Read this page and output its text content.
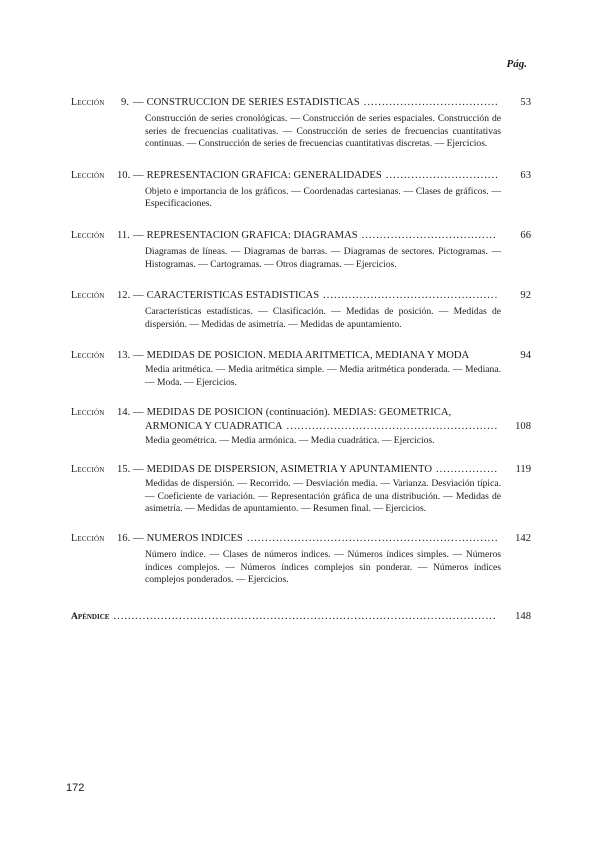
Pág.
Lección	9. — CONSTRUCCION DE SERIES ESTADISTICAS .....	53
Construcción de series cronológicas. — Construcción de series espaciales. Construcción de series de frecuencias cualitativas. — Construcción de series de frecuencias cuantitativas continuas. — Construcción de series de frecuencias cuantitativas discretas. — Ejercicios.
Lección	10. — REPRESENTACION GRAFICA: GENERALIDADES .....	63
Objeto e importancia de los gráficos. — Coordenadas cartesianas. — Clases de gráficos. — Especificaciones.
Lección	11. — REPRESENTACION GRAFICA: DIAGRAMAS .....	66
Diagramas de líneas. — Diagramas de barras. — Diagramas de sectores. Pictogramas. — Histogramas. — Cartogramas. — Otros diagramas. — Ejercicios.
Lección	12. — CARACTERISTICAS ESTADISTICAS .....	92
Características estadísticas. — Clasificación. — Medidas de posición. — Medidas de dispersión. — Medidas de asimetría. — Medidas de apuntamiento.
Lección	13. — MEDIDAS DE POSICION. MEDIA ARITMETICA, MEDIANA Y MODA	94
Media aritmética. — Media aritmética simple. — Media aritmética ponderada. — Mediana. — Moda. — Ejercicios.
Lección	14. — MEDIDAS DE POSICION (continuación). MEDIAS: GEOMETRICA,
ARMONICA Y CUADRATICA .....	108
Media geométrica. — Media armónica. — Media cuadrática. — Ejercicios.
Lección	15. — MEDIDAS DE DISPERSION, ASIMETRIA Y APUNTAMIENTO .....	119
Medidas de dispersión. — Recorrido. — Desviación media. — Varianza. Desviación típica. — Coeficiente de variación. — Representación gráfica de una distribución. — Medidas de asimetría. — Medidas de apuntamiento. — Resumen final. — Ejercicios.
Lección	16. — NUMEROS INDICES .....	142
Número índice. — Clases de números índices. — Números índices simples. — Números índices complejos. — Números índices complejos sin ponderar. — Números índices complejos ponderados. — Ejercicios.
Apéndice .....	148
172
